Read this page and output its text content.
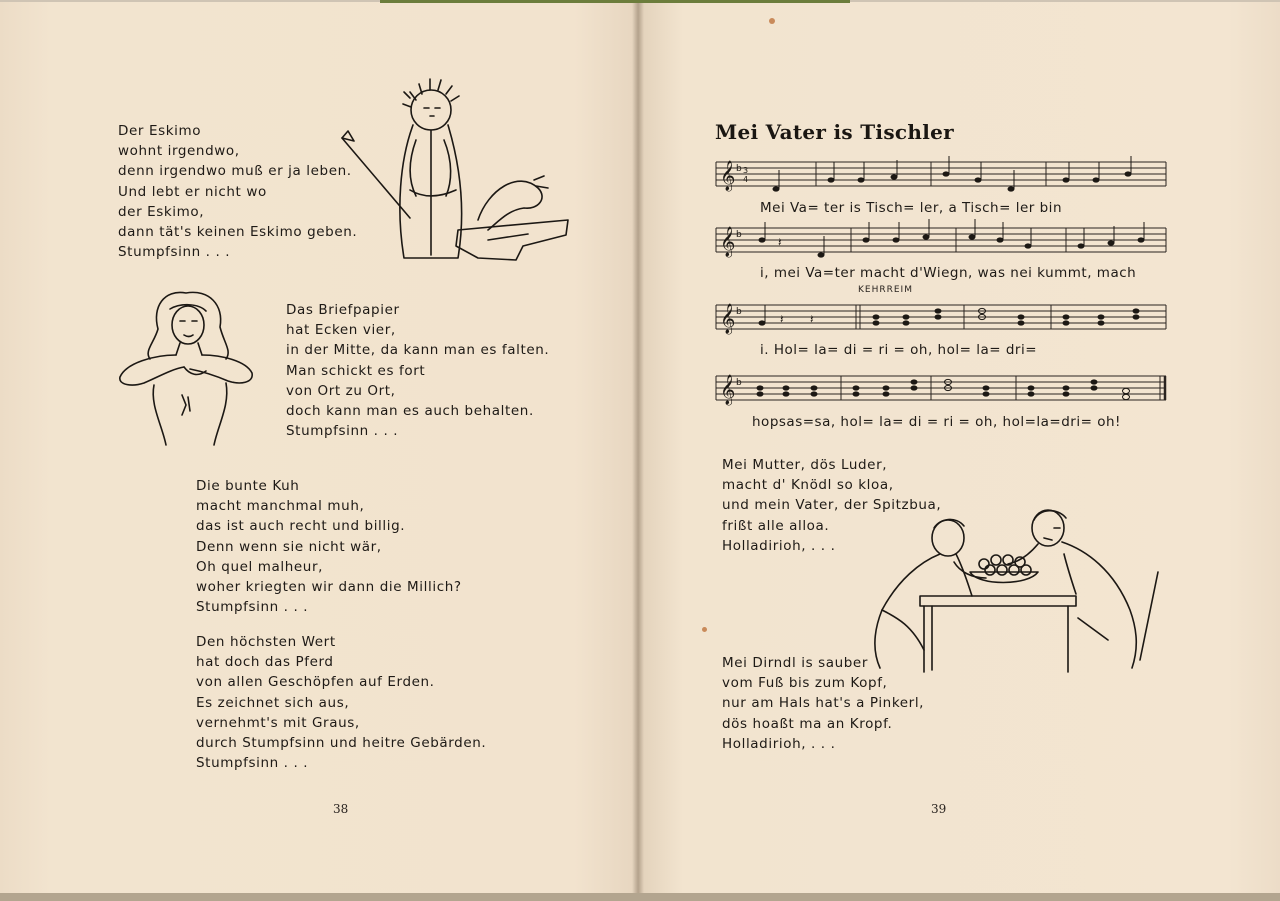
Der Eskimo
wohnt irgendwo,
denn irgendwo muß er ja leben.
Und lebt er nicht wo
der Eskimo,
dann tät's keinen Eskimo geben.
Stumpfsinn . . .
Das Briefpapier
hat Ecken vier,
in der Mitte, da kann man es falten.
Man schickt es fort
von Ort zu Ort,
doch kann man es auch behalten.
Stumpfsinn . . .
Die bunte Kuh
macht manchmal muh,
das ist auch recht und billig.
Denn wenn sie nicht wär,
Oh quel malheur,
woher kriegten wir dann die Millich?
Stumpfsinn . . .
Den höchsten Wert
hat doch das Pferd
von allen Geschöpfen auf Erden.
Es zeichnet sich aus,
vernehmt's mit Graus,
durch Stumpfsinn und heitre Gebärden.
Stumpfsinn . . .
38
Mei Vater is Tischler
𝄞 b 3
4
Mei Va= ter is Tisch= ler, a Tisch= ler bin
𝄞 b	𝄽
i, mei Va=ter macht d'Wiegn, was nei kummt, mach
KEHRREIM
𝄞 b	𝄽 𝄽
i. Hol= la= di = ri = oh, hol= la= dri=
𝄞 b
hopsas=sa, hol= la= di = ri = oh, hol=la=dri= oh!
Mei Mutter, dös Luder,
macht d' Knödl so kloa,
und mein Vater, der Spitzbua,
frißt alle alloa.
Holladirioh, . . .
Mei Dirndl is sauber
vom Fuß bis zum Kopf,
nur am Hals hat's a Pinkerl,
dös hoaßt ma an Kropf.
Holladirioh, . . .
39
